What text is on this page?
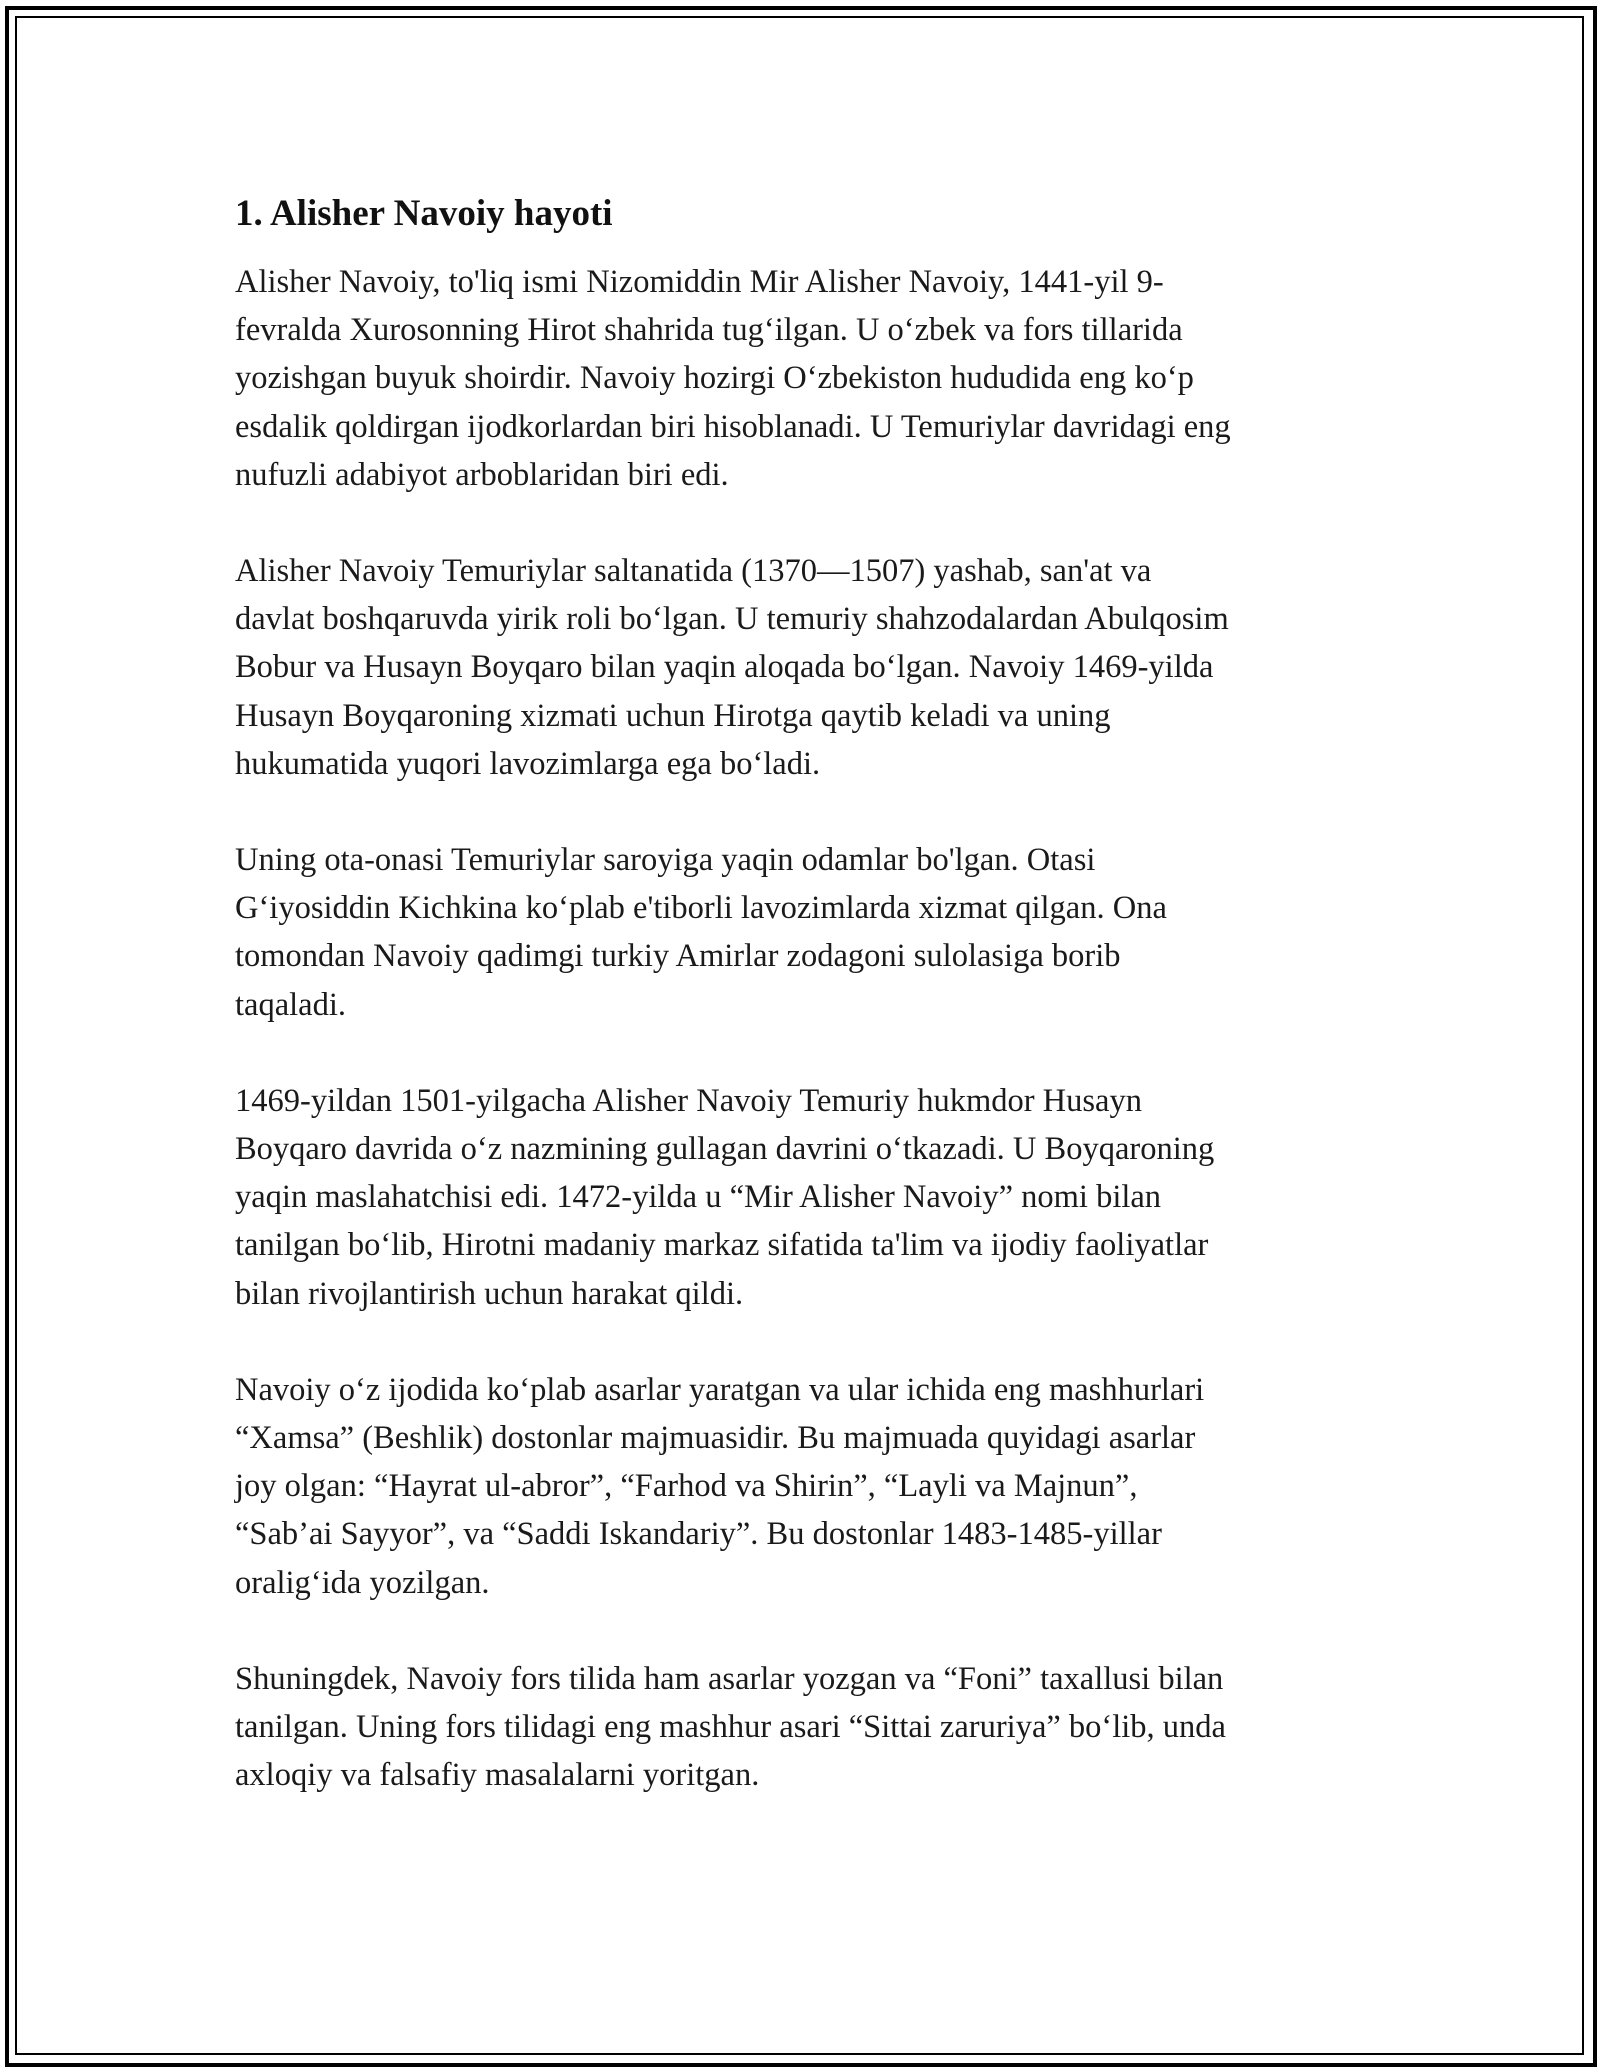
1. Alisher Navoiy hayoti

Alisher Navoiy, to'liq ismi Nizomiddin Mir Alisher Navoiy, 1441-yil 9-
fevralda Xurosonning Hirot shahrida tug‘ilgan. U o‘zbek va fors tillarida
yozishgan buyuk shoirdir. Navoiy hozirgi O‘zbekiston hududida eng ko‘p
esdalik qoldirgan ijodkorlardan biri hisoblanadi. U Temuriylar davridagi eng
nufuzli adabiyot arboblaridan biri edi.

Alisher Navoiy Temuriylar saltanatida (1370—1507) yashab, san'at va
davlat boshqaruvda yirik roli bo‘lgan. U temuriy shahzodalardan Abulqosim
Bobur va Husayn Boyqaro bilan yaqin aloqada bo‘lgan. Navoiy 1469-yilda
Husayn Boyqaroning xizmati uchun Hirotga qaytib keladi va uning
hukumatida yuqori lavozimlarga ega bo‘ladi.

Uning ota-onasi Temuriylar saroyiga yaqin odamlar bo'lgan. Otasi
G‘iyosiddin Kichkina ko‘plab e'tiborli lavozimlarda xizmat qilgan. Ona
tomondan Navoiy qadimgi turkiy Amirlar zodagoni sulolasiga borib
taqaladi.

1469-yildan 1501-yilgacha Alisher Navoiy Temuriy hukmdor Husayn
Boyqaro davrida o‘z nazmining gullagan davrini o‘tkazadi. U Boyqaroning
yaqin maslahatchisi edi. 1472-yilda u “Mir Alisher Navoiy” nomi bilan
tanilgan bo‘lib, Hirotni madaniy markaz sifatida ta'lim va ijodiy faoliyatlar
bilan rivojlantirish uchun harakat qildi.

Navoiy o‘z ijodida ko‘plab asarlar yaratgan va ular ichida eng mashhurlari
“Xamsa” (Beshlik) dostonlar majmuasidir. Bu majmuada quyidagi asarlar
joy olgan: “Hayrat ul-abror”, “Farhod va Shirin”, “Layli va Majnun”,
“Sab’ai Sayyor”, va “Saddi Iskandariy”. Bu dostonlar 1483-1485-yillar
oralig‘ida yozilgan.

Shuningdek, Navoiy fors tilida ham asarlar yozgan va “Foni” taxallusi bilan
tanilgan. Uning fors tilidagi eng mashhur asari “Sittai zaruriya” bo‘lib, unda
axloqiy va falsafiy masalalarni yoritgan.
